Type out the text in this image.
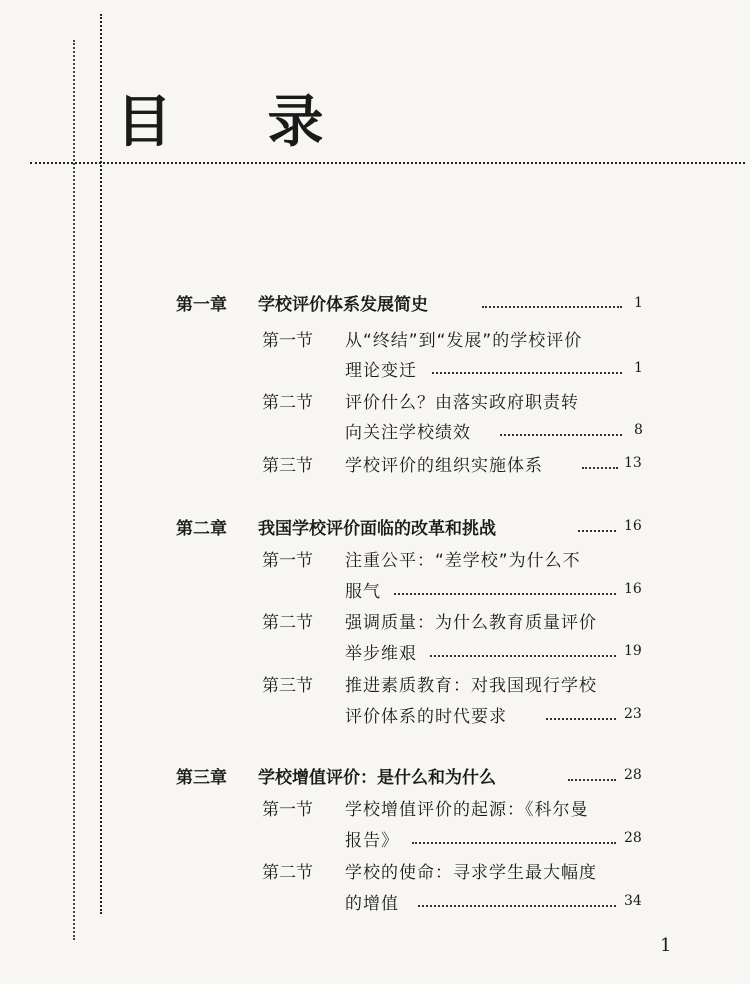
目 录
第一章 学校评价体系发展简史	1
第一节 从“终结”到“发展”的学校评价
理论变迁	1
第二节 评价什么？由落实政府职责转
向关注学校绩效	8
第三节 学校评价的组织实施体系	13
第二章 我国学校评价面临的改革和挑战	16
第一节 注重公平：“差学校”为什么不
服气	16
第二节 强调质量：为什么教育质量评价
举步维艰	19
第三节 推进素质教育：对我国现行学校
评价体系的时代要求	23
第三章 学校增值评价：是什么和为什么	28
第一节 学校增值评价的起源：《科尔曼
报告》	28
第二节 学校的使命：寻求学生最大幅度
的增值	34
1
